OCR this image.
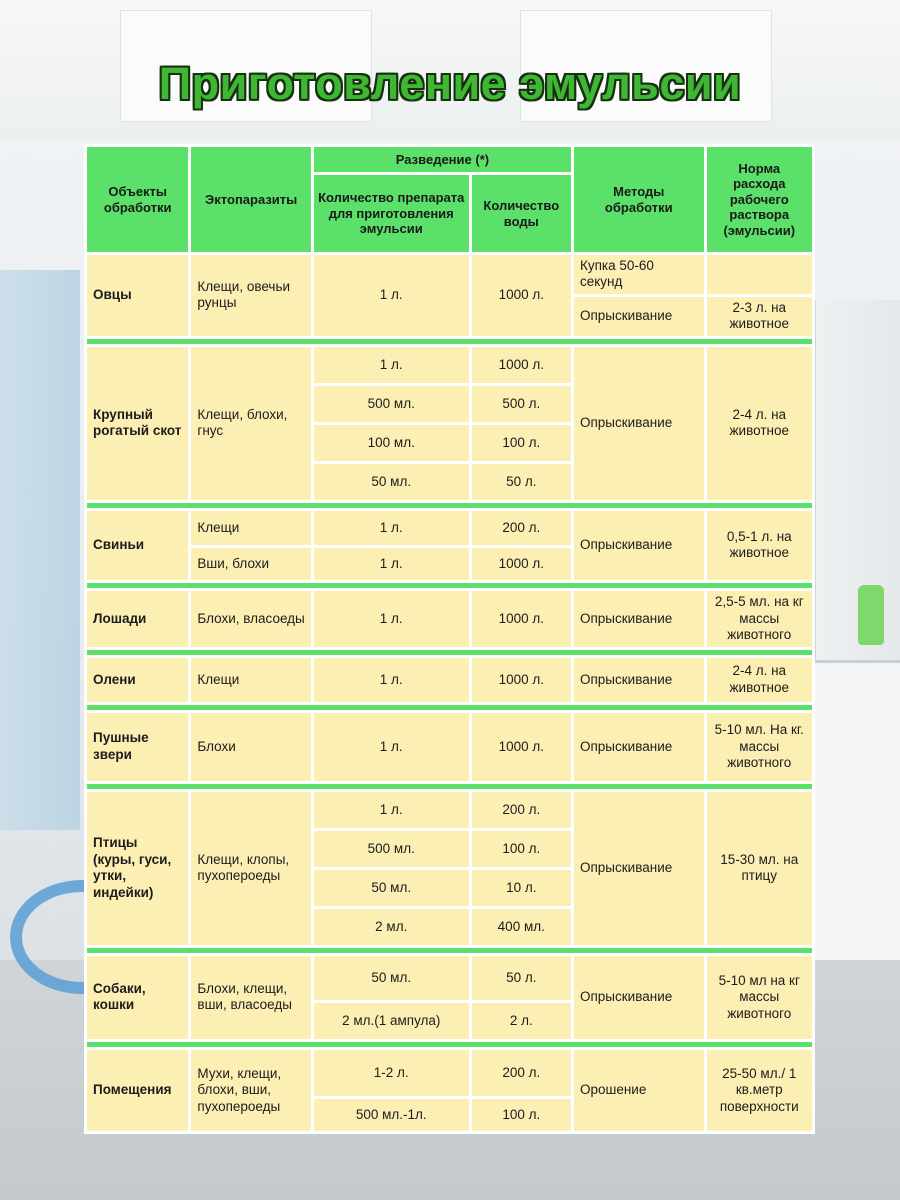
Приготовление эмульсии
Объекты обработки	Эктопаразиты	Разведение (*)		Методы обработки	Норма расхода рабочего раствора (эмульсии)
		Количество препарата для приготовления эмульсии	Количество воды		
Овцы	Клещи, овечьи рунцы	1 л.	1000 л.	Купка 50-60 секунд	
				Опрыскивание	2-3 л. на животное

Крупный рогатый скот	Клещи, блохи, гнус	1 л.	1000 л.	Опрыскивание	2-4 л. на животное
		500 мл.	500 л.		
		100 мл.	100 л.		
		50 мл.	50 л.		

Свиньи	Клещи	1 л.	200 л.	Опрыскивание	0,5-1 л. на животное
	Вши, блохи	1 л.	1000 л.		

Лошади	Блохи, власоеды	1 л.	1000 л.	Опрыскивание	2,5-5 мл. на кг массы животного

Олени	Клещи	1 л.	1000 л.	Опрыскивание	2-4 л. на животное

Пушные звери	Блохи	1 л.	1000 л.	Опрыскивание	5-10 мл. На кг. массы животного

Птицы (куры, гуси, утки, индейки)	Клещи, клопы, пухопероеды	1 л.	200 л.	Опрыскивание	15-30 мл. на птицу
		500 мл.	100 л.		
		50 мл.	10 л.		
		2 мл.	400 мл.		

Собаки, кошки	Блохи, клещи, вши, власоеды	50 мл.	50 л.	Опрыскивание	5-10 мл на кг массы животного
		2 мл.(1 ампула)	2 л.		

Помещения	Мухи, клещи, блохи, вши, пухопероеды	1-2 л.	200 л.	Орошение	25-50 мл./ 1 кв.метр поверхности
		500 мл.-1л.	100 л.		
